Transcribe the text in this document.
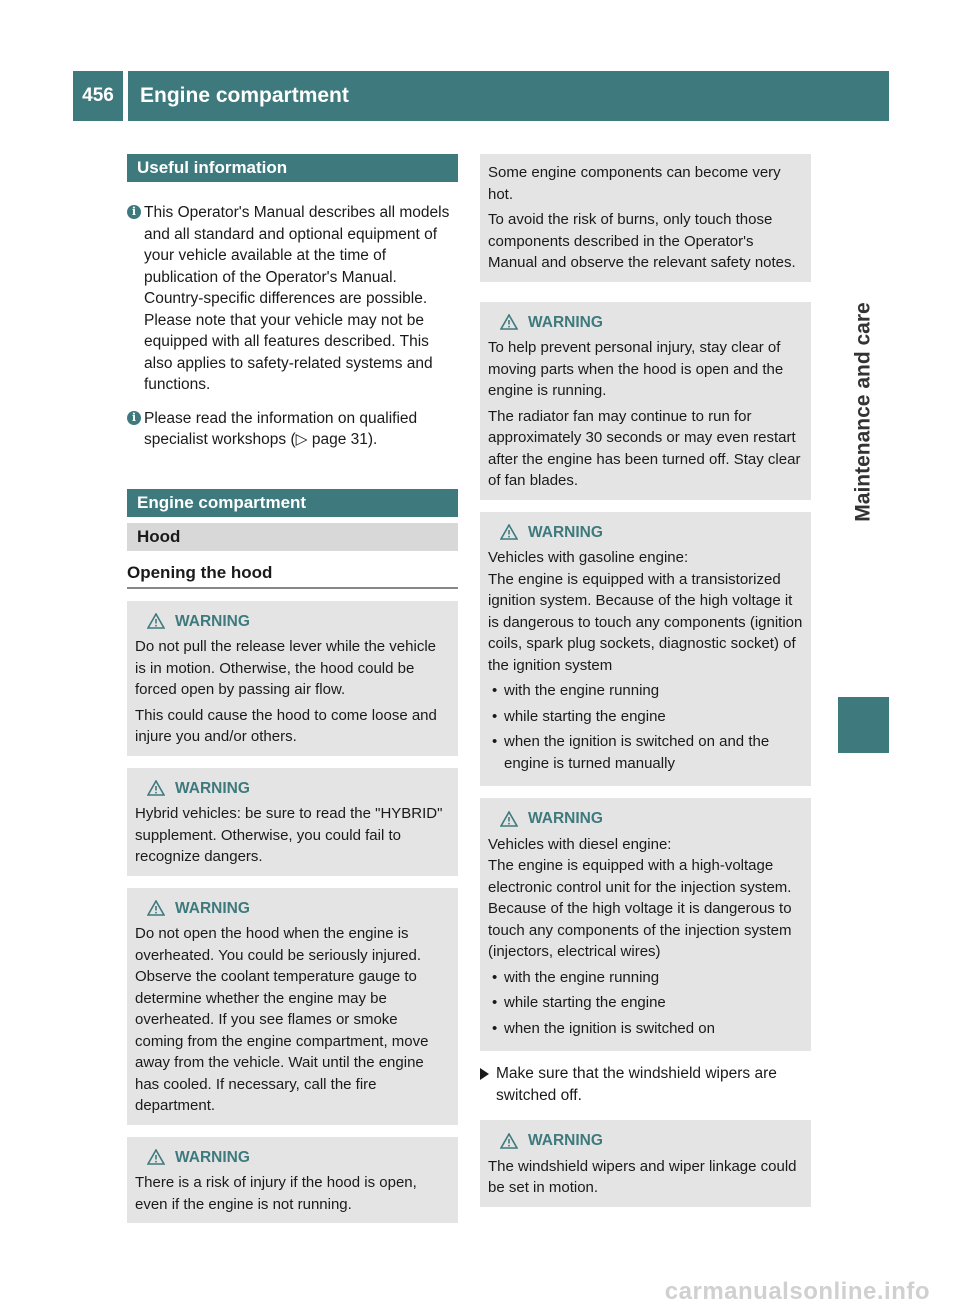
456	Engine compartment
Maintenance and care
Useful information
i This Operator's Manual describes all models and all standard and optional equipment of your vehicle available at the time of publication of the Operator's Manual. Country-specific differences are possible. Please note that your vehicle may not be equipped with all features described. This also applies to safety-related systems and functions.
i Please read the information on qualified specialist workshops (▷ page 31).
Engine compartment
Hood
Opening the hood
WARNING

Do not pull the release lever while the vehicle is in motion. Otherwise, the hood could be forced open by passing air flow.

This could cause the hood to come loose and injure you and/or others.

WARNING

Hybrid vehicles: be sure to read the "HYBRID" supplement. Otherwise, you could fail to recognize dangers.

WARNING

Do not open the hood when the engine is overheated. You could be seriously injured. Observe the coolant temperature gauge to determine whether the engine may be overheated. If you see flames or smoke coming from the engine compartment, move away from the vehicle. Wait until the engine has cooled. If necessary, call the fire department.

WARNING

There is a risk of injury if the hood is open, even if the engine is not running.

Some engine components can become very hot.

To avoid the risk of burns, only touch those components described in the Operator's Manual and observe the relevant safety notes.

WARNING

To help prevent personal injury, stay clear of moving parts when the hood is open and the engine is running.

The radiator fan may continue to run for approximately 30 seconds or may even restart after the engine has been turned off. Stay clear of fan blades.

WARNING

Vehicles with gasoline engine:

The engine is equipped with a transistorized ignition system. Because of the high voltage it is dangerous to touch any components (ignition coils, spark plug sockets, diagnostic socket) of the ignition system

• with the engine running
• while starting the engine
• when the ignition is switched on and the engine is turned manually
WARNING

Vehicles with diesel engine:

The engine is equipped with a high-voltage electronic control unit for the injection system. Because of the high voltage it is dangerous to touch any components of the injection system (injectors, electrical wires)

• with the engine running
• while starting the engine
• when the ignition is switched on
Make sure that the windshield wipers are switched off.
WARNING

The windshield wipers and wiper linkage could be set in motion.

carmanualsonline.info
